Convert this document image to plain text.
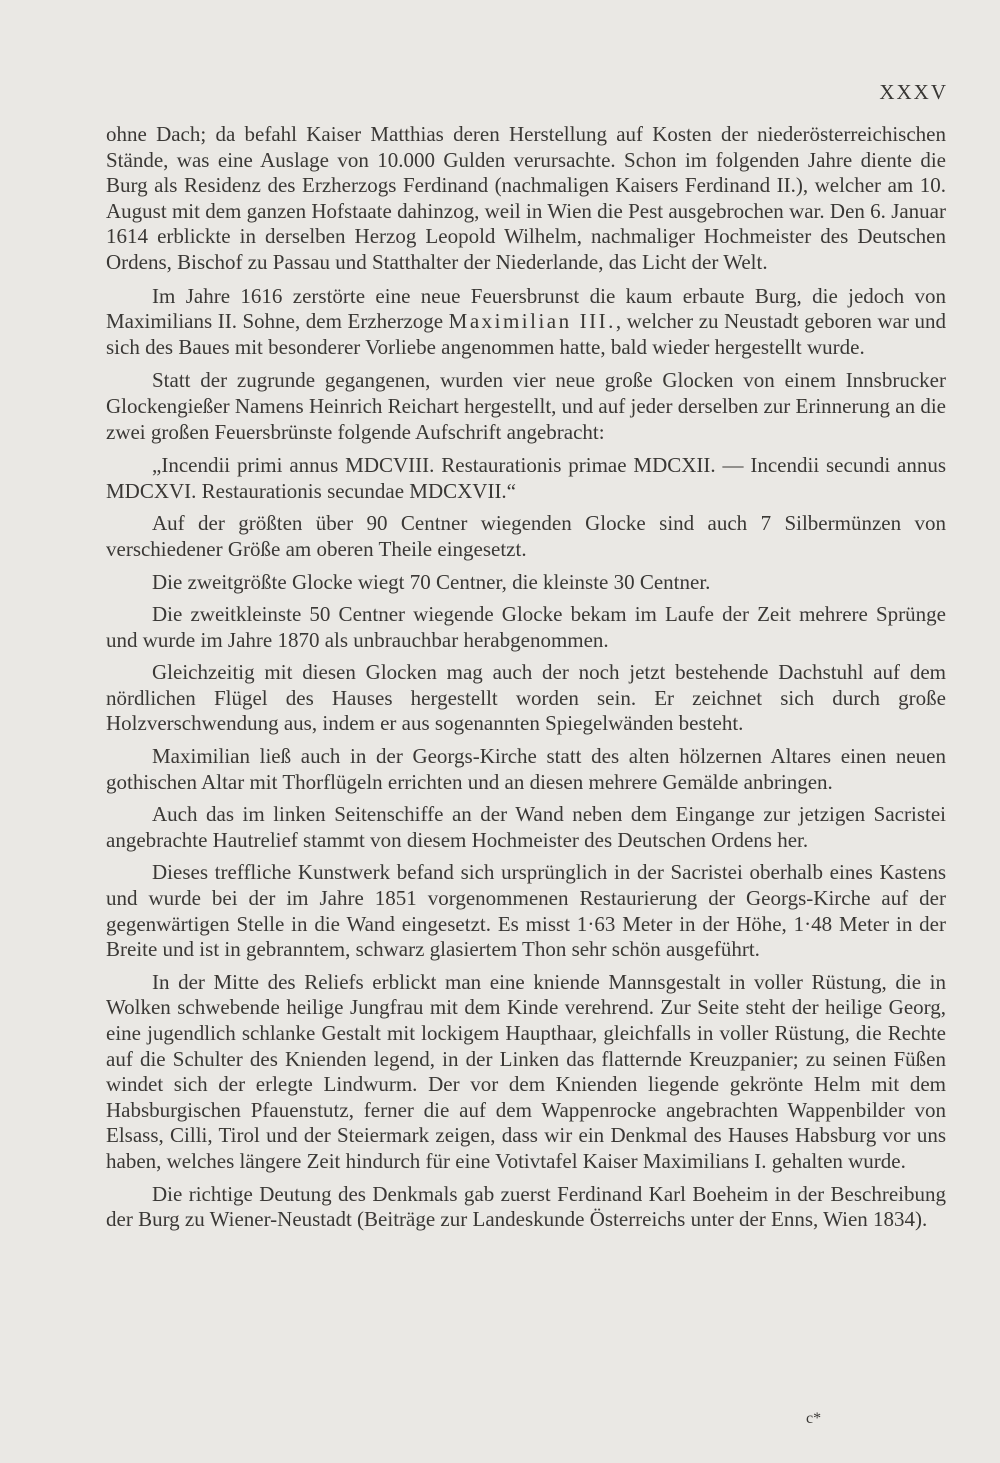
XXXV

ohne Dach; da befahl Kaiser Matthias deren Herstellung auf Kosten der niederösterreichischen Stände, was eine Auslage von 10.000 Gulden verursachte. Schon im folgenden Jahre diente die Burg als Residenz des Erzherzogs Ferdinand (nachmaligen Kaisers Ferdinand II.), welcher am 10. August mit dem ganzen Hofstaate dahinzog, weil in Wien die Pest ausgebrochen war. Den 6. Januar 1614 erblickte in derselben Herzog Leopold Wilhelm, nachmaliger Hochmeister des Deutschen Ordens, Bischof zu Passau und Statthalter der Niederlande, das Licht der Welt.

Im Jahre 1616 zerstörte eine neue Feuersbrunst die kaum erbaute Burg, die jedoch von Maximilians II. Sohne, dem Erzherzoge Maximilian III., welcher zu Neustadt geboren war und sich des Baues mit besonderer Vorliebe angenommen hatte, bald wieder hergestellt wurde.

Statt der zugrunde gegangenen, wurden vier neue große Glocken von einem Innsbrucker Glockengießer Namens Heinrich Reichart hergestellt, und auf jeder derselben zur Erinnerung an die zwei großen Feuersbrünste folgende Aufschrift angebracht:

„Incendii primi annus MDCVIII. Restaurationis primae MDCXII. — Incendii secundi annus MDCXVI. Restaurationis secundae MDCXVII.“

Auf der größten über 90 Centner wiegenden Glocke sind auch 7 Silbermünzen von verschiedener Größe am oberen Theile eingesetzt.

Die zweitgrößte Glocke wiegt 70 Centner, die kleinste 30 Centner.

Die zweitkleinste 50 Centner wiegende Glocke bekam im Laufe der Zeit mehrere Sprünge und wurde im Jahre 1870 als unbrauchbar herabgenommen.

Gleichzeitig mit diesen Glocken mag auch der noch jetzt bestehende Dachstuhl auf dem nördlichen Flügel des Hauses hergestellt worden sein. Er zeichnet sich durch große Holzverschwendung aus, indem er aus sogenannten Spiegelwänden besteht.

Maximilian ließ auch in der Georgs-Kirche statt des alten hölzernen Altares einen neuen gothischen Altar mit Thorflügeln errichten und an diesen mehrere Gemälde anbringen.

Auch das im linken Seitenschiffe an der Wand neben dem Eingange zur jetzigen Sacristei angebrachte Hautrelief stammt von diesem Hochmeister des Deutschen Ordens her.

Dieses treffliche Kunstwerk befand sich ursprünglich in der Sacristei oberhalb eines Kastens und wurde bei der im Jahre 1851 vorgenommenen Restaurierung der Georgs-Kirche auf der gegenwärtigen Stelle in die Wand eingesetzt. Es misst 1·63 Meter in der Höhe, 1·48 Meter in der Breite und ist in gebranntem, schwarz glasiertem Thon sehr schön ausgeführt.

In der Mitte des Reliefs erblickt man eine kniende Mannsgestalt in voller Rüstung, die in Wolken schwebende heilige Jungfrau mit dem Kinde verehrend. Zur Seite steht der heilige Georg, eine jugendlich schlanke Gestalt mit lockigem Haupthaar, gleichfalls in voller Rüstung, die Rechte auf die Schulter des Knienden legend, in der Linken das flatternde Kreuzpanier; zu seinen Füßen windet sich der erlegte Lindwurm. Der vor dem Knienden liegende gekrönte Helm mit dem Habsburgischen Pfauenstutz, ferner die auf dem Wappenrocke angebrachten Wappenbilder von Elsass, Cilli, Tirol und der Steiermark zeigen, dass wir ein Denkmal des Hauses Habsburg vor uns haben, welches längere Zeit hindurch für eine Votivtafel Kaiser Maximilians I. gehalten wurde.

Die richtige Deutung des Denkmals gab zuerst Ferdinand Karl Boeheim in der Beschreibung der Burg zu Wiener-Neustadt (Beiträge zur Landeskunde Österreichs unter der Enns, Wien 1834).

c*
